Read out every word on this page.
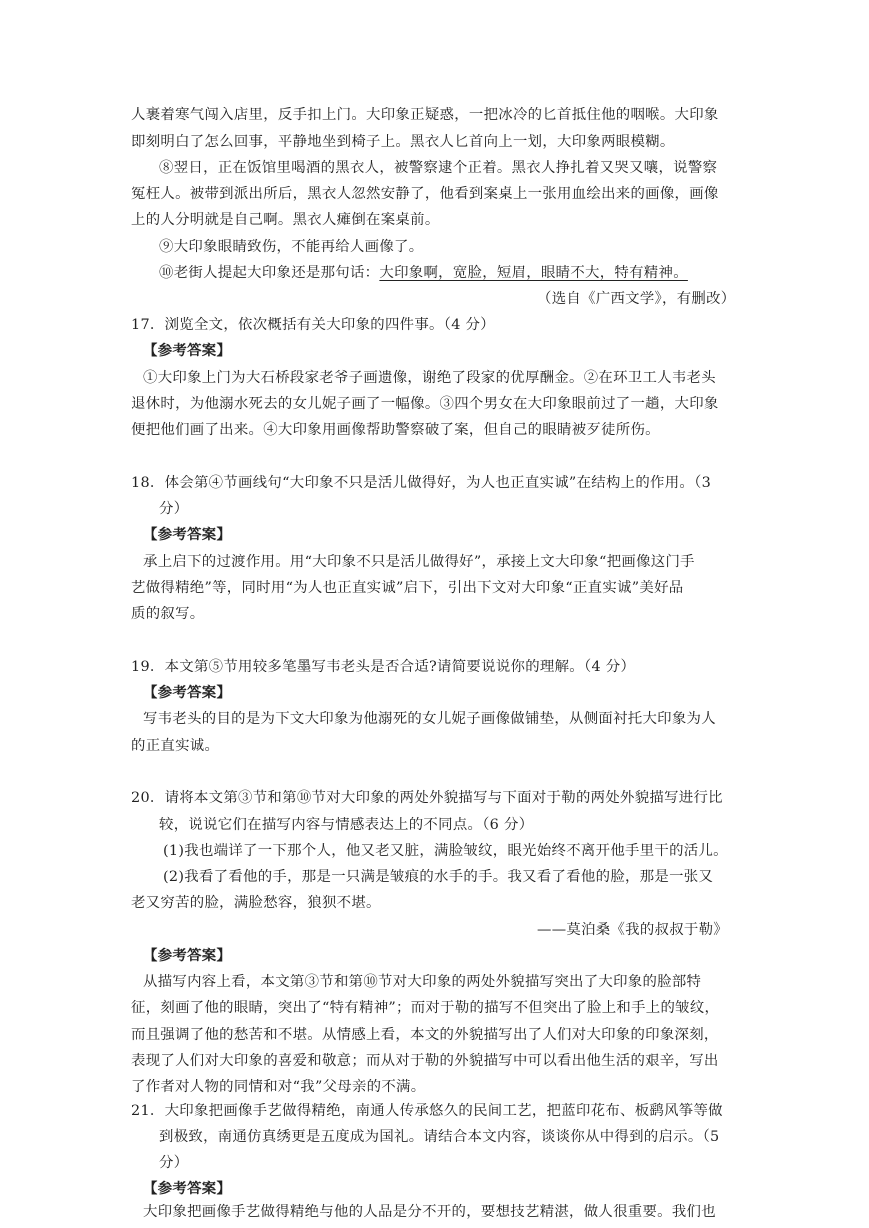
人裹着寒气闯入店里，反手扣上门。大印象正疑惑，一把冰冷的匕首抵住他的咽喉。大印象
即刻明白了怎么回事，平静地坐到椅子上。黑衣人匕首向上一划，大印象两眼模糊。
⑧翌日，正在饭馆里喝酒的黑衣人，被警察逮个正着。黑衣人挣扎着又哭又嚷，说警察
冤枉人。被带到派出所后，黑衣人忽然安静了，他看到案桌上一张用血绘出来的画像，画像
上的人分明就是自己啊。黑衣人瘫倒在案桌前。
⑨大印象眼睛致伤，不能再给人画像了。
⑩老街人提起大印象还是那句话：大印象啊，宽脸，短眉，眼睛不大，特有精神。
（选自《广西文学》，有删改）
17．浏览全文，依次概括有关大印象的四件事。（4 分）
【参考答案】
①大印象上门为大石桥段家老爷子画遗像，谢绝了段家的优厚酬金。②在环卫工人韦老头
退休时，为他溺水死去的女儿妮子画了一幅像。③四个男女在大印象眼前过了一趟，大印象
便把他们画了出来。④大印象用画像帮助警察破了案，但自己的眼睛被歹徒所伤。
18．体会第④节画线句“大印象不只是活儿做得好，为人也正直实诚”在结构上的作用。（3
分）
【参考答案】
承上启下的过渡作用。用“大印象不只是活儿做得好”，承接上文大印象“把画像这门手
艺做得精绝”等，同时用“为人也正直实诚”启下，引出下文对大印象“正直实诚”美好品
质的叙写。
19．本文第⑤节用较多笔墨写韦老头是否合适?请简要说说你的理解。（4 分）
【参考答案】
写韦老头的目的是为下文大印象为他溺死的女儿妮子画像做铺垫，从侧面衬托大印象为人
的正直实诚。
20．请将本文第③节和第⑩节对大印象的两处外貌描写与下面对于勒的两处外貌描写进行比
较，说说它们在描写内容与情感表达上的不同点。（6 分）
(1)我也端详了一下那个人，他又老又脏，满脸皱纹，眼光始终不离开他手里干的活儿。
(2)我看了看他的手，那是一只满是皱痕的水手的手。我又看了看他的脸，那是一张又
老又穷苦的脸，满脸愁容，狼狈不堪。
——莫泊桑《我的叔叔于勒》
【参考答案】
从描写内容上看，本文第③节和第⑩节对大印象的两处外貌描写突出了大印象的脸部特
征，刻画了他的眼睛，突出了“特有精神”；而对于勒的描写不但突出了脸上和手上的皱纹，
而且强调了他的愁苦和不堪。从情感上看，本文的外貌描写出了人们对大印象的印象深刻，
表现了人们对大印象的喜爱和敬意；而从对于勒的外貌描写中可以看出他生活的艰辛，写出
了作者对人物的同情和对“我”父母亲的不满。
21．大印象把画像手艺做得精绝，南通人传承悠久的民间工艺，把蓝印花布、板鹞风筝等做
到极致，南通仿真绣更是五度成为国礼。请结合本文内容，谈谈你从中得到的启示。（5
分）
【参考答案】
大印象把画像手艺做得精绝与他的人品是分不开的，要想技艺精湛，做人很重要。我们也
